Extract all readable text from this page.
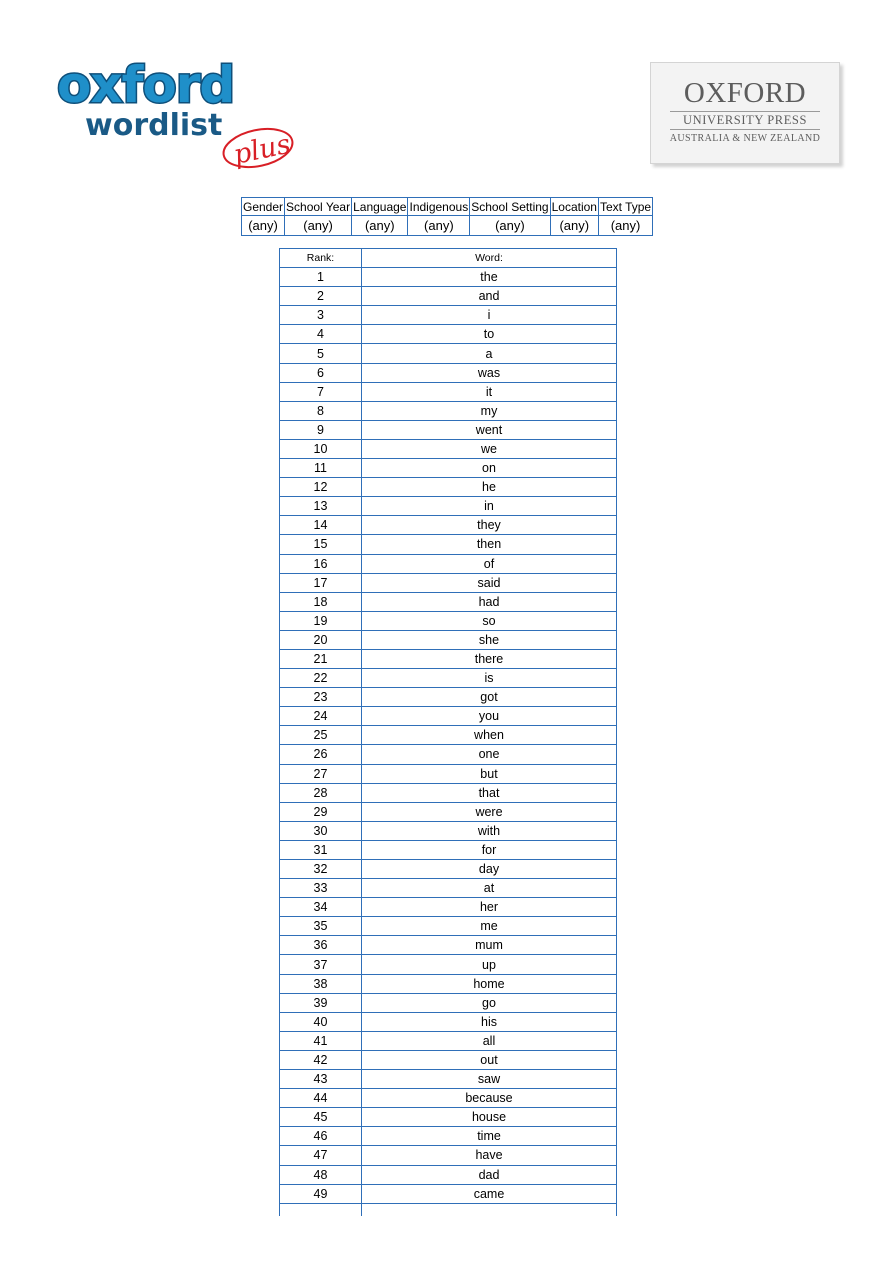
oxford
wordlist
plus
OXFORD
UNIVERSITY PRESS
AUSTRALIA & NEW ZEALAND
Gender	School Year	Language	Indigenous	School Setting	Location	Text Type
(any)	(any)	(any)	(any)	(any)	(any)	(any)
Rank:	Word:
1	the
2	and
3	i
4	to
5	a
6	was
7	it
8	my
9	went
10	we
11	on
12	he
13	in
14	they
15	then
16	of
17	said
18	had
19	so
20	she
21	there
22	is
23	got
24	you
25	when
26	one
27	but
28	that
29	were
30	with
31	for
32	day
33	at
34	her
35	me
36	mum
37	up
38	home
39	go
40	his
41	all
42	out
43	saw
44	because
45	house
46	time
47	have
48	dad
49	came
